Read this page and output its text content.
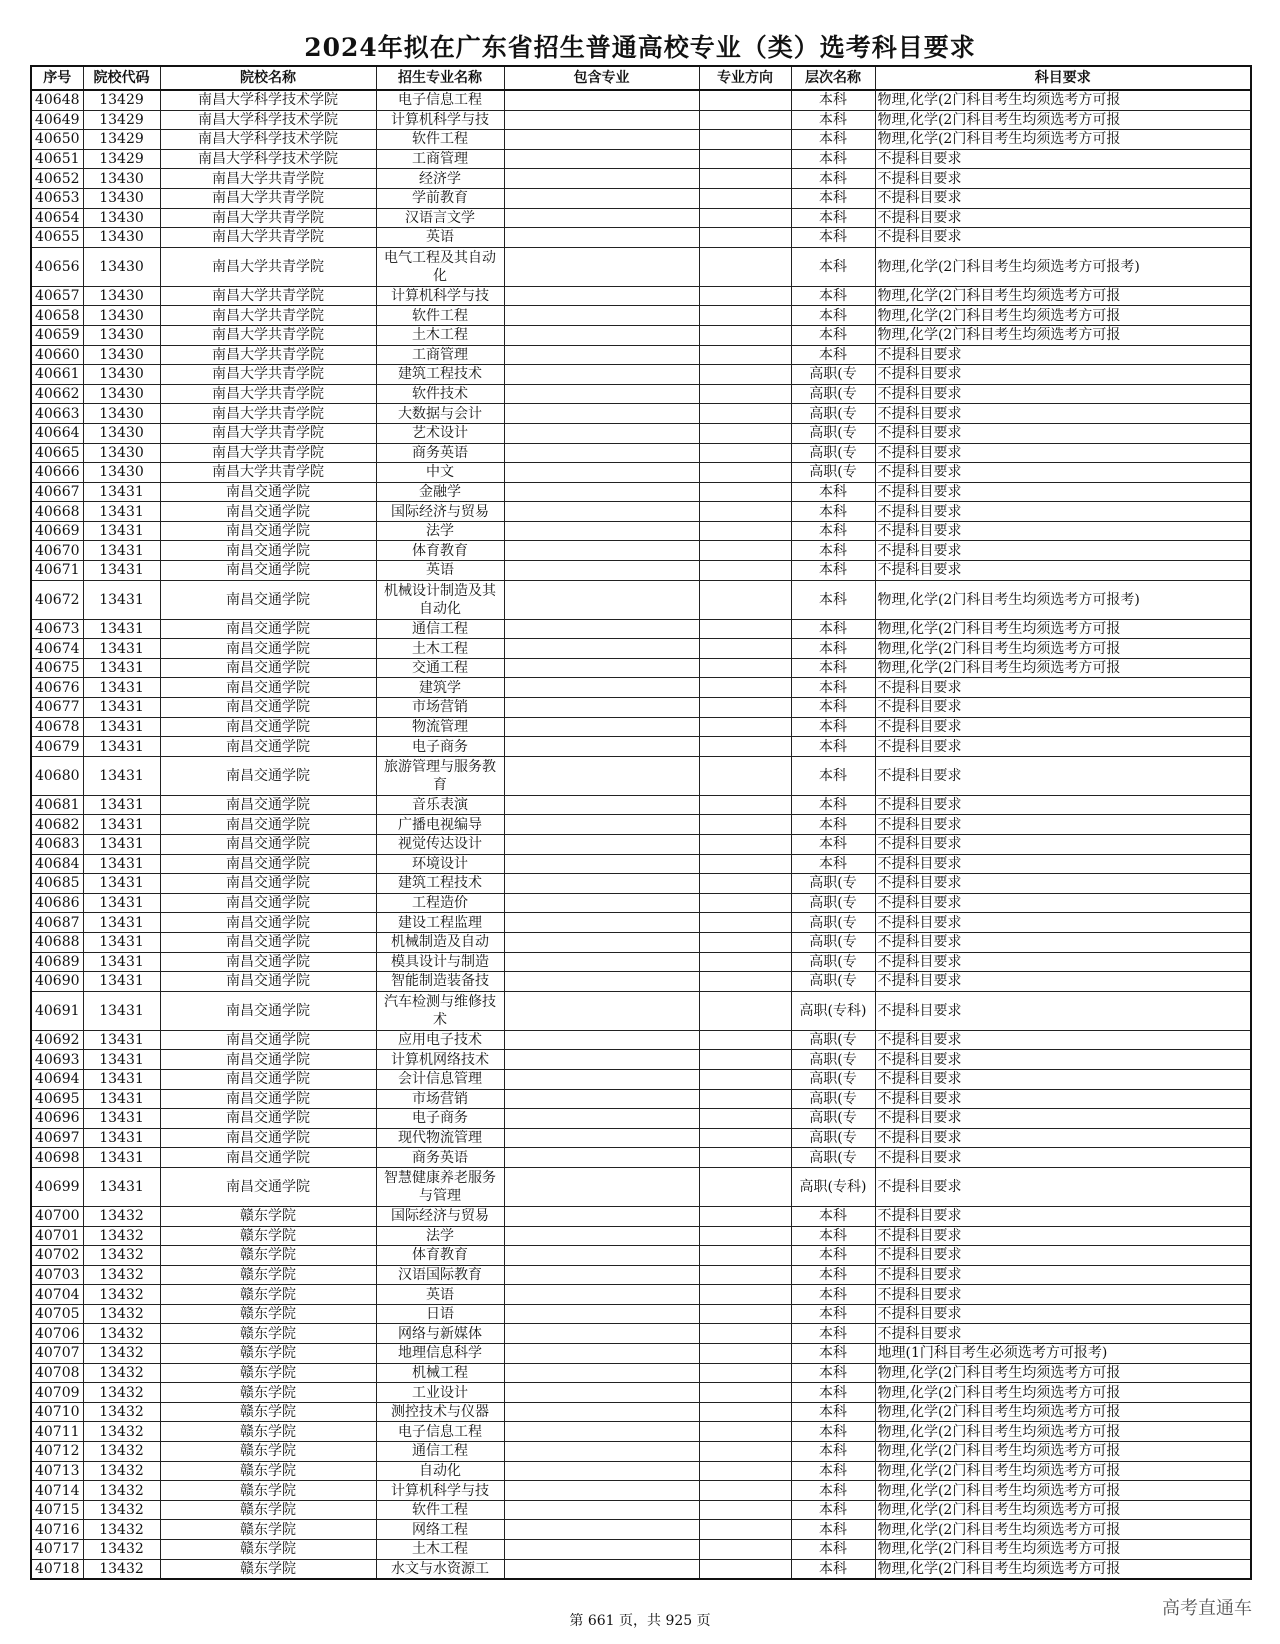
2024年拟在广东省招生普通高校专业（类）选考科目要求
序号	院校代码	院校名称	招生专业名称	包含专业	专业方向	层次名称	科目要求
40648	13429	南昌大学科学技术学院	电子信息工程			本科	物理,化学(2门科目考生均须选考方可报
40649	13429	南昌大学科学技术学院	计算机科学与技			本科	物理,化学(2门科目考生均须选考方可报
40650	13429	南昌大学科学技术学院	软件工程			本科	物理,化学(2门科目考生均须选考方可报
40651	13429	南昌大学科学技术学院	工商管理			本科	不提科目要求
40652	13430	南昌大学共青学院	经济学			本科	不提科目要求
40653	13430	南昌大学共青学院	学前教育			本科	不提科目要求
40654	13430	南昌大学共青学院	汉语言文学			本科	不提科目要求
40655	13430	南昌大学共青学院	英语			本科	不提科目要求
40656	13430	南昌大学共青学院	电气工程及其自动化			本科	物理,化学(2门科目考生均须选考方可报考)
40657	13430	南昌大学共青学院	计算机科学与技			本科	物理,化学(2门科目考生均须选考方可报
40658	13430	南昌大学共青学院	软件工程			本科	物理,化学(2门科目考生均须选考方可报
40659	13430	南昌大学共青学院	土木工程			本科	物理,化学(2门科目考生均须选考方可报
40660	13430	南昌大学共青学院	工商管理			本科	不提科目要求
40661	13430	南昌大学共青学院	建筑工程技术			高职(专	不提科目要求
40662	13430	南昌大学共青学院	软件技术			高职(专	不提科目要求
40663	13430	南昌大学共青学院	大数据与会计			高职(专	不提科目要求
40664	13430	南昌大学共青学院	艺术设计			高职(专	不提科目要求
40665	13430	南昌大学共青学院	商务英语			高职(专	不提科目要求
40666	13430	南昌大学共青学院	中文			高职(专	不提科目要求
40667	13431	南昌交通学院	金融学			本科	不提科目要求
40668	13431	南昌交通学院	国际经济与贸易			本科	不提科目要求
40669	13431	南昌交通学院	法学			本科	不提科目要求
40670	13431	南昌交通学院	体育教育			本科	不提科目要求
40671	13431	南昌交通学院	英语			本科	不提科目要求
40672	13431	南昌交通学院	机械设计制造及其自动化			本科	物理,化学(2门科目考生均须选考方可报考)
40673	13431	南昌交通学院	通信工程			本科	物理,化学(2门科目考生均须选考方可报
40674	13431	南昌交通学院	土木工程			本科	物理,化学(2门科目考生均须选考方可报
40675	13431	南昌交通学院	交通工程			本科	物理,化学(2门科目考生均须选考方可报
40676	13431	南昌交通学院	建筑学			本科	不提科目要求
40677	13431	南昌交通学院	市场营销			本科	不提科目要求
40678	13431	南昌交通学院	物流管理			本科	不提科目要求
40679	13431	南昌交通学院	电子商务			本科	不提科目要求
40680	13431	南昌交通学院	旅游管理与服务教育			本科	不提科目要求
40681	13431	南昌交通学院	音乐表演			本科	不提科目要求
40682	13431	南昌交通学院	广播电视编导			本科	不提科目要求
40683	13431	南昌交通学院	视觉传达设计			本科	不提科目要求
40684	13431	南昌交通学院	环境设计			本科	不提科目要求
40685	13431	南昌交通学院	建筑工程技术			高职(专	不提科目要求
40686	13431	南昌交通学院	工程造价			高职(专	不提科目要求
40687	13431	南昌交通学院	建设工程监理			高职(专	不提科目要求
40688	13431	南昌交通学院	机械制造及自动			高职(专	不提科目要求
40689	13431	南昌交通学院	模具设计与制造			高职(专	不提科目要求
40690	13431	南昌交通学院	智能制造装备技			高职(专	不提科目要求
40691	13431	南昌交通学院	汽车检测与维修技术			高职(专科)	不提科目要求
40692	13431	南昌交通学院	应用电子技术			高职(专	不提科目要求
40693	13431	南昌交通学院	计算机网络技术			高职(专	不提科目要求
40694	13431	南昌交通学院	会计信息管理			高职(专	不提科目要求
40695	13431	南昌交通学院	市场营销			高职(专	不提科目要求
40696	13431	南昌交通学院	电子商务			高职(专	不提科目要求
40697	13431	南昌交通学院	现代物流管理			高职(专	不提科目要求
40698	13431	南昌交通学院	商务英语			高职(专	不提科目要求
40699	13431	南昌交通学院	智慧健康养老服务与管理			高职(专科)	不提科目要求
40700	13432	赣东学院	国际经济与贸易			本科	不提科目要求
40701	13432	赣东学院	法学			本科	不提科目要求
40702	13432	赣东学院	体育教育			本科	不提科目要求
40703	13432	赣东学院	汉语国际教育			本科	不提科目要求
40704	13432	赣东学院	英语			本科	不提科目要求
40705	13432	赣东学院	日语			本科	不提科目要求
40706	13432	赣东学院	网络与新媒体			本科	不提科目要求
40707	13432	赣东学院	地理信息科学			本科	地理(1门科目考生必须选考方可报考)
40708	13432	赣东学院	机械工程			本科	物理,化学(2门科目考生均须选考方可报
40709	13432	赣东学院	工业设计			本科	物理,化学(2门科目考生均须选考方可报
40710	13432	赣东学院	测控技术与仪器			本科	物理,化学(2门科目考生均须选考方可报
40711	13432	赣东学院	电子信息工程			本科	物理,化学(2门科目考生均须选考方可报
40712	13432	赣东学院	通信工程			本科	物理,化学(2门科目考生均须选考方可报
40713	13432	赣东学院	自动化			本科	物理,化学(2门科目考生均须选考方可报
40714	13432	赣东学院	计算机科学与技			本科	物理,化学(2门科目考生均须选考方可报
40715	13432	赣东学院	软件工程			本科	物理,化学(2门科目考生均须选考方可报
40716	13432	赣东学院	网络工程			本科	物理,化学(2门科目考生均须选考方可报
40717	13432	赣东学院	土木工程			本科	物理,化学(2门科目考生均须选考方可报
40718	13432	赣东学院	水文与水资源工			本科	物理,化学(2门科目考生均须选考方可报
第 661 页，共 925 页
高考直通车
